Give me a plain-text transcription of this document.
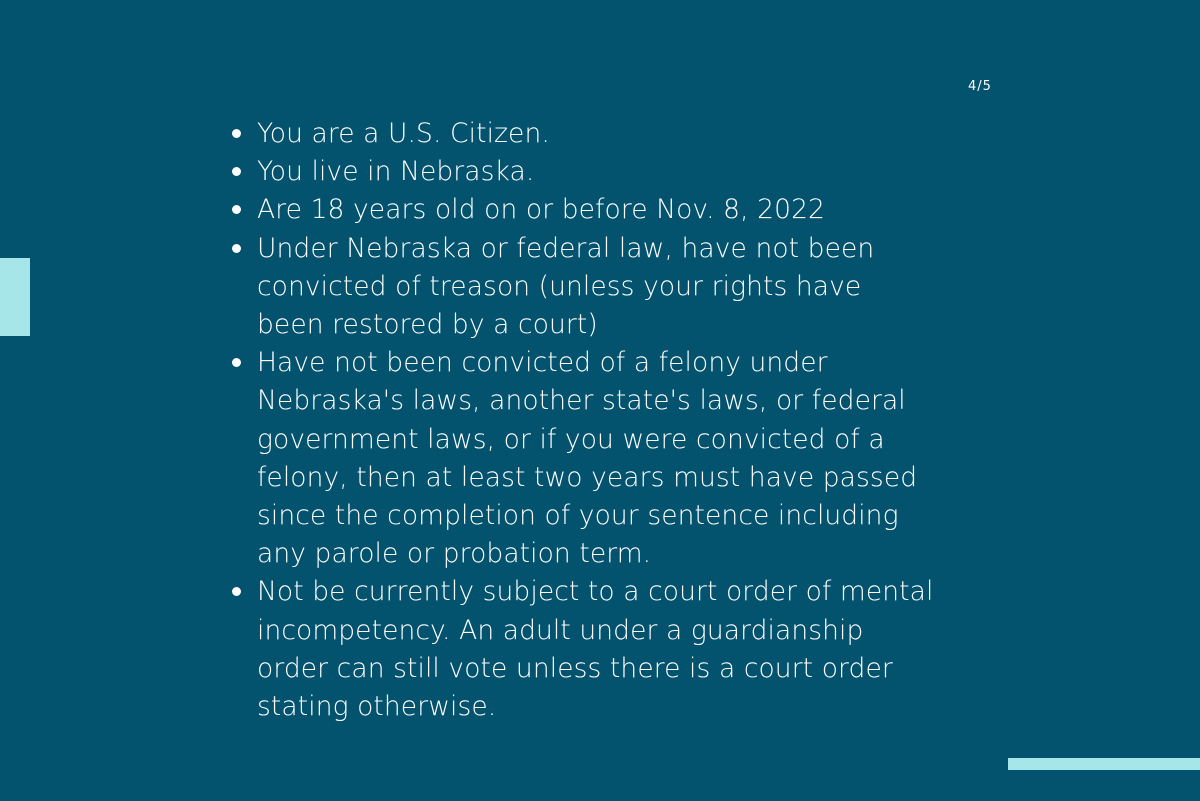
4/5
You are a U.S. Citizen.
You live in Nebraska.
Are 18 years old on or before Nov. 8, 2022
Under Nebraska or federal law, have not been
convicted of treason (unless your rights have
been restored by a court)
Have not been convicted of a felony under
Nebraska's laws, another state's laws, or federal
government laws, or if you were convicted of a
felony, then at least two years must have passed
since the completion of your sentence including
any parole or probation term.
Not be currently subject to a court order of mental
incompetency. An adult under a guardianship
order can still vote unless there is a court order
stating otherwise.
